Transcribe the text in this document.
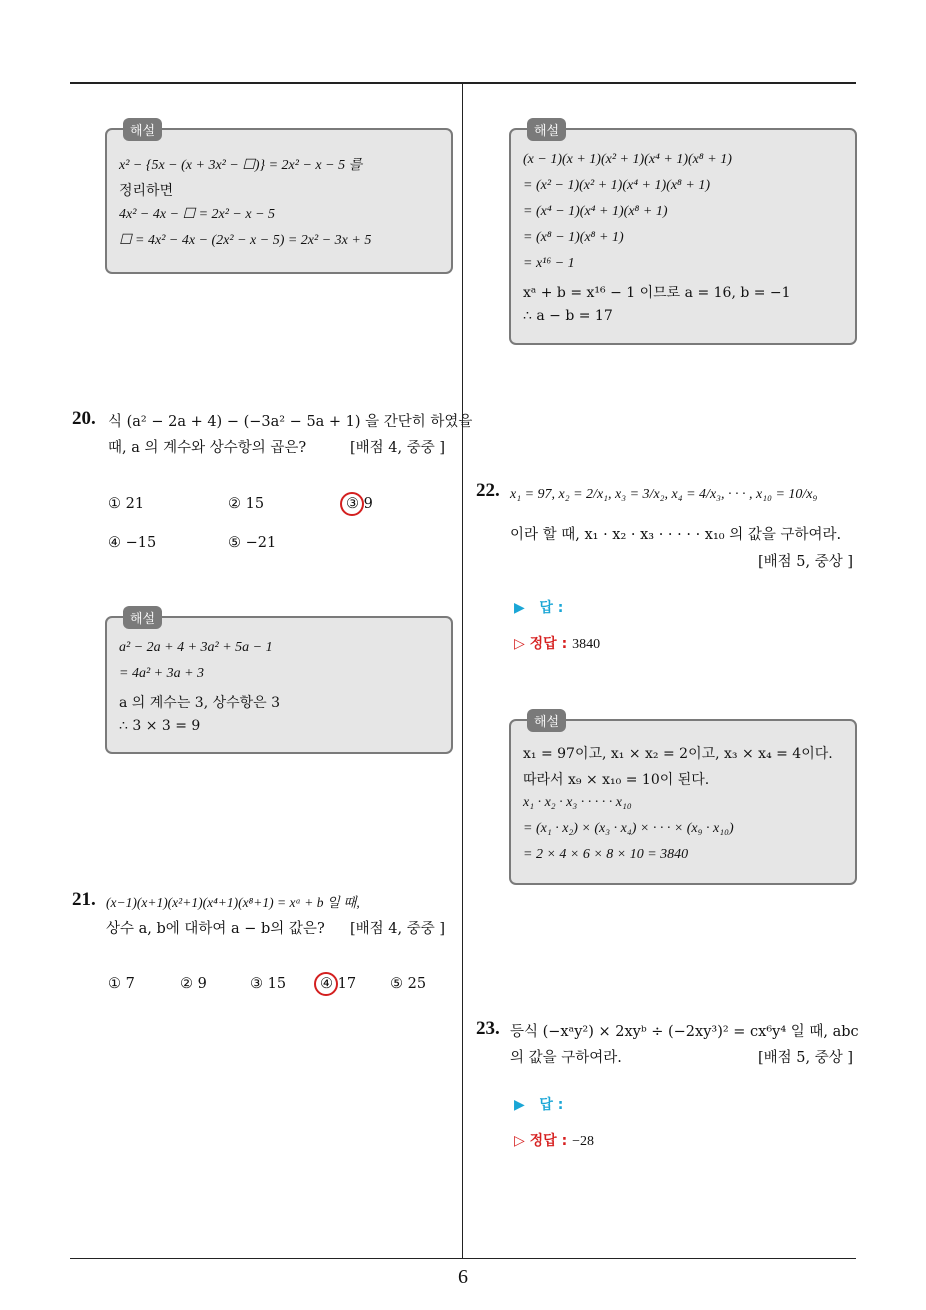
해설
x² − {5x − (x + 3x² − ☐)} = 2x² − x − 5 를
정리하면
4x² − 4x − ☐ = 2x² − x − 5
☐ = 4x² − 4x − (2x² − x − 5) = 2x² − 3x + 5
20. 식 (a² − 2a + 4) − (−3a² − 5a + 1) 을 간단히 하였을
때, a 의 계수와 상수항의 곱은?	[배점 4, 중중 ]
① 21	② 15	③ 9
④ −15	⑤ −21
해설
a² − 2a + 4 + 3a² + 5a − 1
= 4a² + 3a + 3
a 의 계수는 3, 상수항은 3
∴ 3 × 3 = 9
21. (x−1)(x+1)(x²+1)(x⁴+1)(x⁸+1) = xᵃ + b 일 때,
상수 a, b에 대하여 a − b의 값은? [배점 4, 중중 ]
① 7	② 9	③ 15 ④ 17 ⑤ 25
해설
(x − 1)(x + 1)(x² + 1)(x⁴ + 1)(x⁸ + 1)
= (x² − 1)(x² + 1)(x⁴ + 1)(x⁸ + 1)
= (x⁴ − 1)(x⁴ + 1)(x⁸ + 1)
= (x⁸ − 1)(x⁸ + 1)
= x¹⁶ − 1
xᵃ + b = x¹⁶ − 1 이므로 a = 16, b = −1
∴ a − b = 17
22. x₁ = 97, x₂ = 2/x₁, x₃ = 3/x₂, x₄ = 4/x₃, · · · , x₁₀ = 10/x₉
이라 할 때, x₁ · x₂ · x₃ · · · · · x₁₀ 의 값을 구하여라.
[배점 5, 중상 ]
▶ 답 :
▷ 정답 : 3840
해설
x₁ = 97이고, x₁ × x₂ = 2이고, x₃ × x₄ = 4이다.
따라서 x₉ × x₁₀ = 10이 된다.
x₁ · x₂ · x₃ · · · · · x₁₀
= (x₁ · x₂) × (x₃ · x₄) × · · · × (x₉ · x₁₀)
= 2 × 4 × 6 × 8 × 10 = 3840
23. 등식 (−xᵃy²) × 2xyᵇ ÷ (−2xy³)² = cx⁶y⁴ 일 때, abc
의 값을 구하여라.	[배점 5, 중상 ]
▶ 답 :
▷ 정답 : −28
6
